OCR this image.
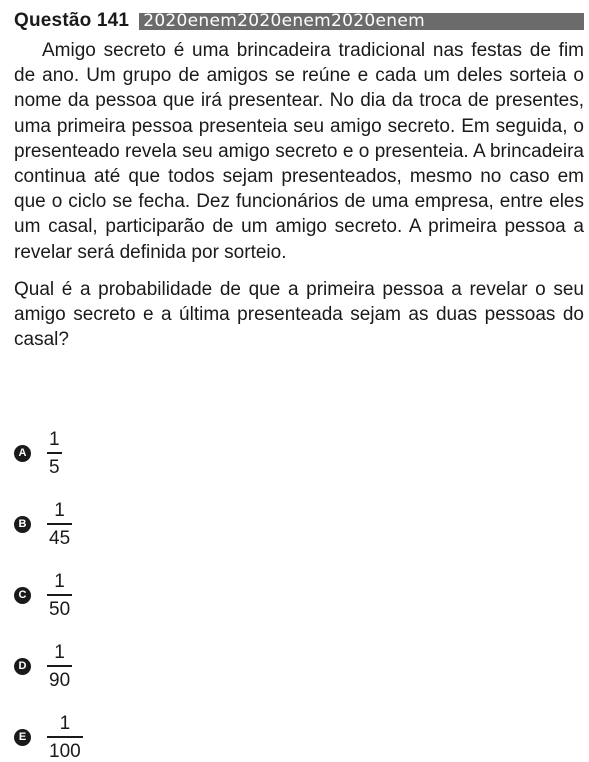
Questão 141 2020enem2020enem2020enem

Amigo secreto é uma brincadeira tradicional nas festas de fim de ano. Um grupo de amigos se reúne e cada um deles sorteia o nome da pessoa que irá presentear. No dia da troca de presentes, uma primeira pessoa presenteia seu amigo secreto. Em seguida, o presenteado revela seu amigo secreto e o presenteia. A brincadeira continua até que todos sejam presenteados, mesmo no caso em que o ciclo se fecha. Dez funcionários de uma empresa, entre eles um casal, participarão de um amigo secreto. A primeira pessoa a revelar será definida por sorteio.

Qual é a probabilidade de que a primeira pessoa a revelar o seu amigo secreto e a última presenteada sejam as duas pessoas do casal?

A $\frac{1}{5}$
B $\frac{1}{45}$
C $\frac{1}{50}$
D $\frac{1}{90}$
E $\frac{1}{100}$
